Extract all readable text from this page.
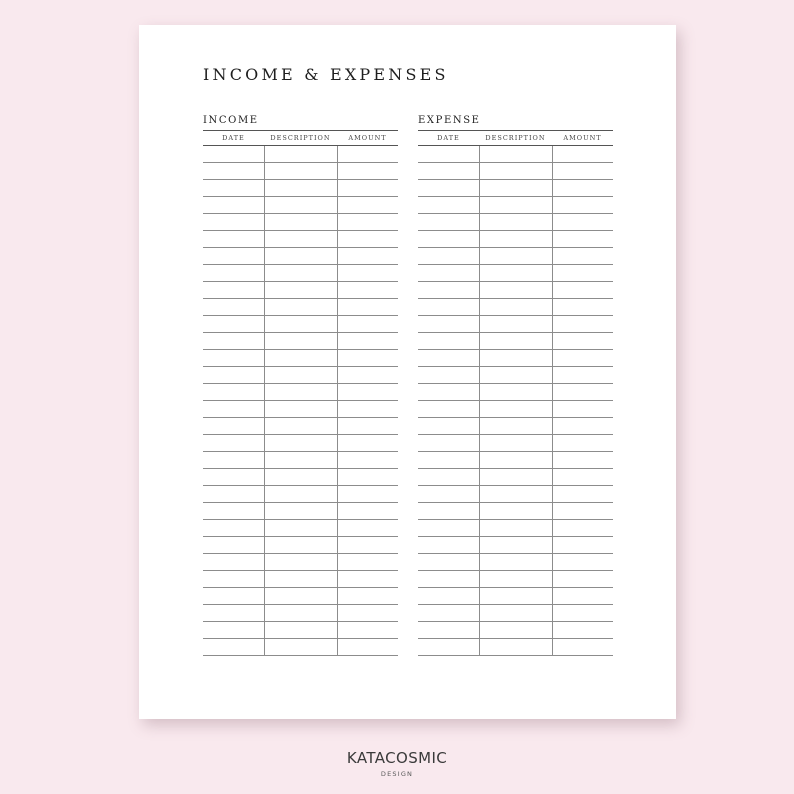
INCOME & EXPENSES
INCOME
DATE	DESCRIPTION	AMOUNT

EXPENSE
DATE	DESCRIPTION	AMOUNT

KATACOSMIC
DESIGN
